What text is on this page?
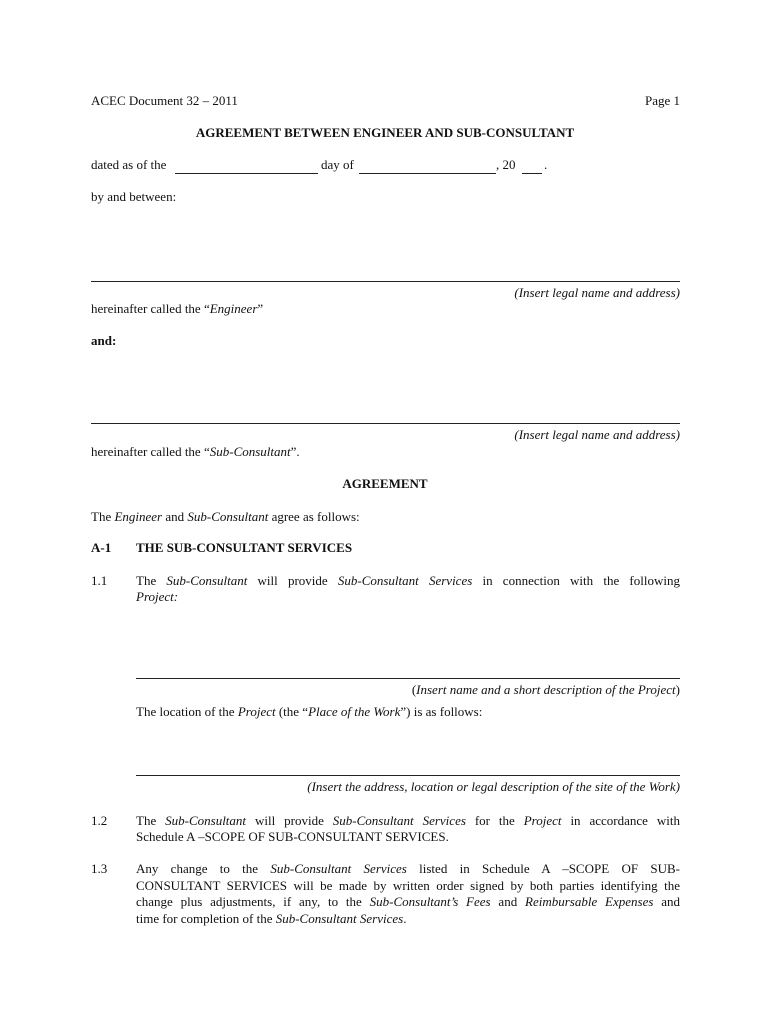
ACEC Document 32 – 2011	Page 1
AGREEMENT BETWEEN ENGINEER AND SUB-CONSULTANT
dated as of the	day of	, 20 .
by and between:
(Insert legal name and address)
hereinafter called the “Engineer”
and:
(Insert legal name and address)
hereinafter called the “Sub-Consultant”.
AGREEMENT
The Engineer and Sub-Consultant agree as follows:
A-1 THE SUB-CONSULTANT SERVICES
1.1 The Sub-Consultant will provide Sub-Consultant Services in connection with the following
Project:
(Insert name and a short description of the Project)
The location of the Project (the “Place of the Work”) is as follows:
(Insert the address, location or legal description of the site of the Work)
1.2 The Sub-Consultant will provide Sub-Consultant Services for the Project in accordance with
Schedule A –SCOPE OF SUB-CONSULTANT SERVICES.
1.3 Any change to the Sub-Consultant Services listed in Schedule A –SCOPE OF SUB-
CONSULTANT SERVICES will be made by written order signed by both parties identifying the
change plus adjustments, if any, to the Sub-Consultant’s Fees and Reimbursable Expenses and
time for completion of the Sub-Consultant Services.
